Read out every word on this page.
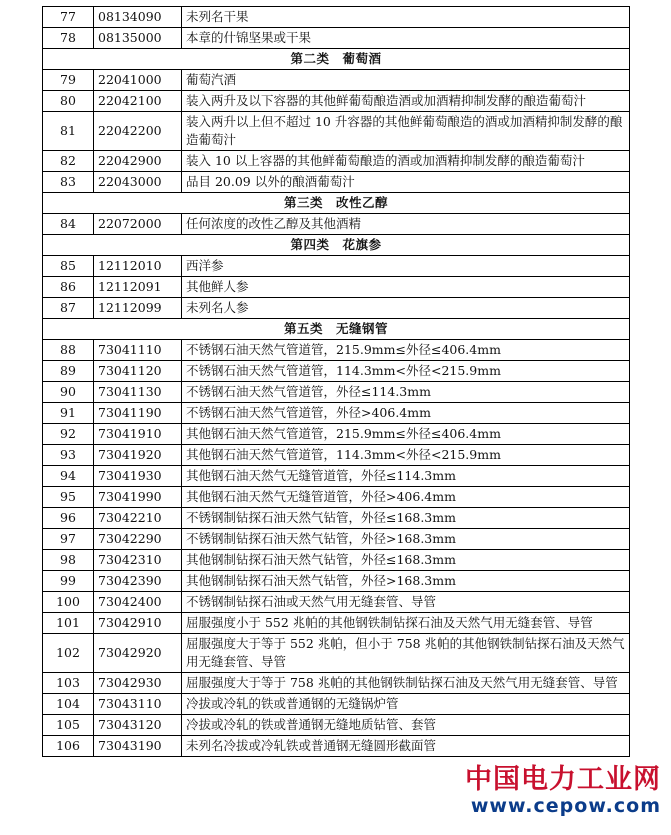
77	08134090	未列名干果
78	08135000	本章的什锦坚果或干果
第二类　葡萄酒		
79	22041000	葡萄汽酒
80	22042100	装入两升及以下容器的其他鲜葡萄酿造酒或加酒精抑制发酵的酿造葡萄汁
81	22042200	装入两升以上但不超过 10 升容器的其他鲜葡萄酿造的酒或加酒精抑制发酵的酿造葡萄汁
82	22042900	装入 10 以上容器的其他鲜葡萄酿造的酒或加酒精抑制发酵的酿造葡萄汁
83	22043000	品目 20.09 以外的酿酒葡萄汁
第三类　改性乙醇		
84	22072000	任何浓度的改性乙醇及其他酒精
第四类　花旗参		
85	12112010	西洋参
86	12112091	其他鲜人参
87	12112099	未列名人参
第五类　无缝钢管		
88	73041110	不锈钢石油天然气管道管，215.9mm≤外径≤406.4mm
89	73041120	不锈钢石油天然气管道管，114.3mm<外径<215.9mm
90	73041130	不锈钢石油天然气管道管，外径≤114.3mm
91	73041190	不锈钢石油天然气管道管，外径>406.4mm
92	73041910	其他钢石油天然气管道管，215.9mm≤外径≤406.4mm
93	73041920	其他钢石油天然气管道管，114.3mm<外径<215.9mm
94	73041930	其他钢石油天然气无缝管道管，外径≤114.3mm
95	73041990	其他钢石油天然气无缝管道管，外径>406.4mm
96	73042210	不锈钢制钻探石油天然气钻管，外径≤168.3mm
97	73042290	不锈钢制钻探石油天然气钻管，外径>168.3mm
98	73042310	其他钢制钻探石油天然气钻管，外径≤168.3mm
99	73042390	其他钢制钻探石油天然气钻管，外径>168.3mm
100	73042400	不锈钢制钻探石油或天然气用无缝套管、导管
101	73042910	屈服强度小于 552 兆帕的其他钢铁制钻探石油及天然气用无缝套管、导管
102	73042920	屈服强度大于等于 552 兆帕，但小于 758 兆帕的其他钢铁制钻探石油及天然气用无缝套管、导管
103	73042930	屈服强度大于等于 758 兆帕的其他钢铁制钻探石油及天然气用无缝套管、导管
104	73043110	冷拔或冷轧的铁或普通钢的无缝锅炉管
105	73043120	冷拔或冷轧的铁或普通钢无缝地质钻管、套管
106	73043190	未列名冷拔或冷轧铁或普通钢无缝圆形截面管
中国电力工业网
www.cepow.com
